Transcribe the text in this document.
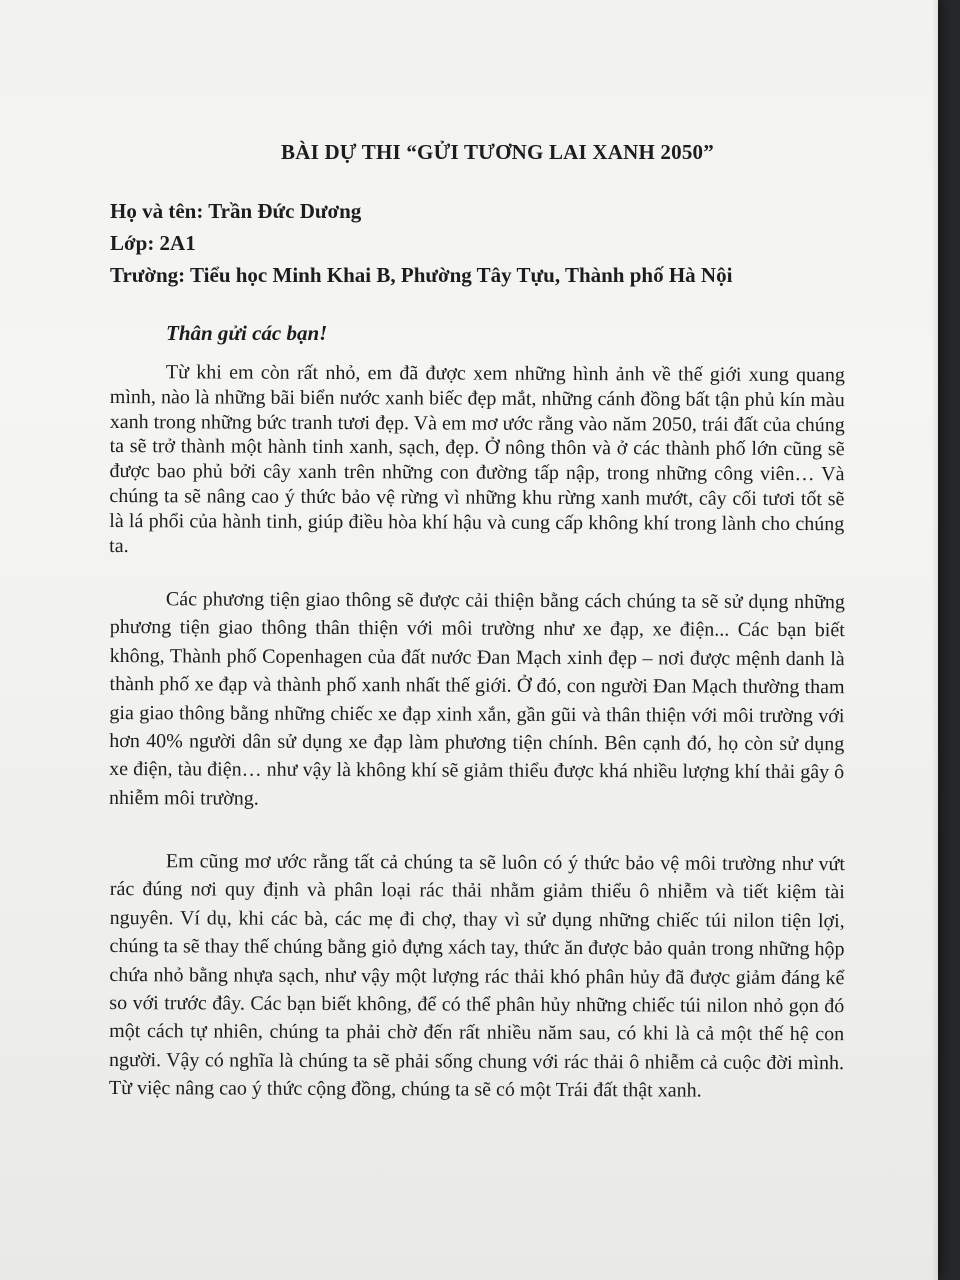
BÀI DỰ THI “GỬI TƯƠNG LAI XANH 2050”
Họ và tên: Trần Đức Dương
Lớp: 2A1
Trường: Tiểu học Minh Khai B, Phường Tây Tựu, Thành phố Hà Nội
Thân gửi các bạn!

Từ khi em còn rất nhỏ, em đã được xem những hình ảnh về thế giới xung quang mình, nào là những bãi biển nước xanh biếc đẹp mắt, những cánh đồng bất tận phủ kín màu xanh trong những bức tranh tươi đẹp. Và em mơ ước rằng vào năm 2050, trái đất của chúng ta sẽ trở thành một hành tinh xanh, sạch, đẹp. Ở nông thôn và ở các thành phố lớn cũng sẽ được bao phủ bởi cây xanh trên những con đường tấp nập, trong những công viên… Và chúng ta sẽ nâng cao ý thức bảo vệ rừng vì những khu rừng xanh mướt, cây cối tươi tốt sẽ là lá phổi của hành tinh, giúp điều hòa khí hậu và cung cấp không khí trong lành cho chúng ta.

Các phương tiện giao thông sẽ được cải thiện bằng cách chúng ta sẽ sử dụng những phương tiện giao thông thân thiện với môi trường như xe đạp, xe điện... Các bạn biết không, Thành phố Copenhagen của đất nước Đan Mạch xinh đẹp – nơi được mệnh danh là thành phố xe đạp và thành phố xanh nhất thế giới. Ở đó, con người Đan Mạch thường tham gia giao thông bằng những chiếc xe đạp xinh xắn, gần gũi và thân thiện với môi trường với hơn 40% người dân sử dụng xe đạp làm phương tiện chính. Bên cạnh đó, họ còn sử dụng xe điện, tàu điện… như vậy là không khí sẽ giảm thiểu được khá nhiều lượng khí thải gây ô nhiễm môi trường.

Em cũng mơ ước rằng tất cả chúng ta sẽ luôn có ý thức bảo vệ môi trường như vứt rác đúng nơi quy định và phân loại rác thải nhằm giảm thiểu ô nhiễm và tiết kiệm tài nguyên. Ví dụ, khi các bà, các mẹ đi chợ, thay vì sử dụng những chiếc túi nilon tiện lợi, chúng ta sẽ thay thế chúng bằng giỏ đựng xách tay, thức ăn được bảo quản trong những hộp chứa nhỏ bằng nhựa sạch, như vậy một lượng rác thải khó phân hủy đã được giảm đáng kể so với trước đây. Các bạn biết không, để có thể phân hủy những chiếc túi nilon nhỏ gọn đó một cách tự nhiên, chúng ta phải chờ đến rất nhiều năm sau, có khi là cả một thế hệ con người. Vậy có nghĩa là chúng ta sẽ phải sống chung với rác thải ô nhiễm cả cuộc đời mình. Từ việc nâng cao ý thức cộng đồng, chúng ta sẽ có một Trái đất thật xanh.
